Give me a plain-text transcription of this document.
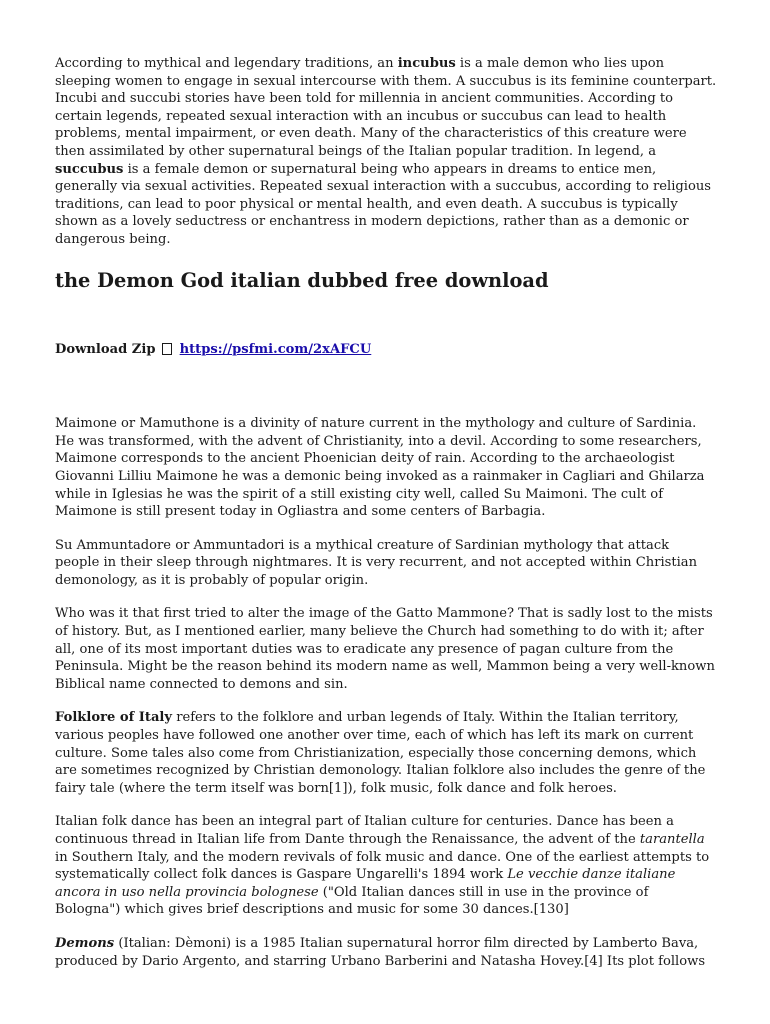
According to mythical and legendary traditions, an incubus is a male demon who lies upon sleeping women to engage in sexual intercourse with them. A succubus is its feminine counterpart. Incubi and succubi stories have been told for millennia in ancient communities. According to certain legends, repeated sexual interaction with an incubus or succubus can lead to health problems, mental impairment, or even death. Many of the characteristics of this creature were then assimilated by other supernatural beings of the Italian popular tradition. In legend, a succubus is a female demon or supernatural being who appears in dreams to entice men, generally via sexual activities. Repeated sexual interaction with a succubus, according to religious traditions, can lead to poor physical or mental health, and even death. A succubus is typically shown as a lovely seductress or enchantress in modern depictions, rather than as a demonic or dangerous being.

the Demon God italian dubbed free download

Download Zip https://psfmi.com/2xAFCU

Maimone or Mamuthone is a divinity of nature current in the mythology and culture of Sardinia. He was transformed, with the advent of Christianity, into a devil. According to some researchers, Maimone corresponds to the ancient Phoenician deity of rain. According to the archaeologist Giovanni Lilliu Maimone he was a demonic being invoked as a rainmaker in Cagliari and Ghilarza while in Iglesias he was the spirit of a still existing city well, called Su Maimoni. The cult of Maimone is still present today in Ogliastra and some centers of Barbagia.

Su Ammuntadore or Ammuntadori is a mythical creature of Sardinian mythology that attack people in their sleep through nightmares. It is very recurrent, and not accepted within Christian demonology, as it is probably of popular origin.

Who was it that first tried to alter the image of the Gatto Mammone? That is sadly lost to the mists of history. But, as I mentioned earlier, many believe the Church had something to do with it; after all, one of its most important duties was to eradicate any presence of pagan culture from the Peninsula. Might be the reason behind its modern name as well, Mammon being a very well-known Biblical name connected to demons and sin.

Folklore of Italy refers to the folklore and urban legends of Italy. Within the Italian territory, various peoples have followed one another over time, each of which has left its mark on current culture. Some tales also come from Christianization, especially those concerning demons, which are sometimes recognized by Christian demonology. Italian folklore also includes the genre of the fairy tale (where the term itself was born[1]), folk music, folk dance and folk heroes.

Italian folk dance has been an integral part of Italian culture for centuries. Dance has been a continuous thread in Italian life from Dante through the Renaissance, the advent of the tarantella in Southern Italy, and the modern revivals of folk music and dance. One of the earliest attempts to systematically collect folk dances is Gaspare Ungarelli's 1894 work Le vecchie danze italiane ancora in uso nella provincia bolognese ("Old Italian dances still in use in the province of Bologna") which gives brief descriptions and music for some 30 dances.[130]

Demons (Italian: Dèmoni) is a 1985 Italian supernatural horror film directed by Lamberto Bava, produced by Dario Argento, and starring Urbano Barberini and Natasha Hovey.[4] Its plot follows
